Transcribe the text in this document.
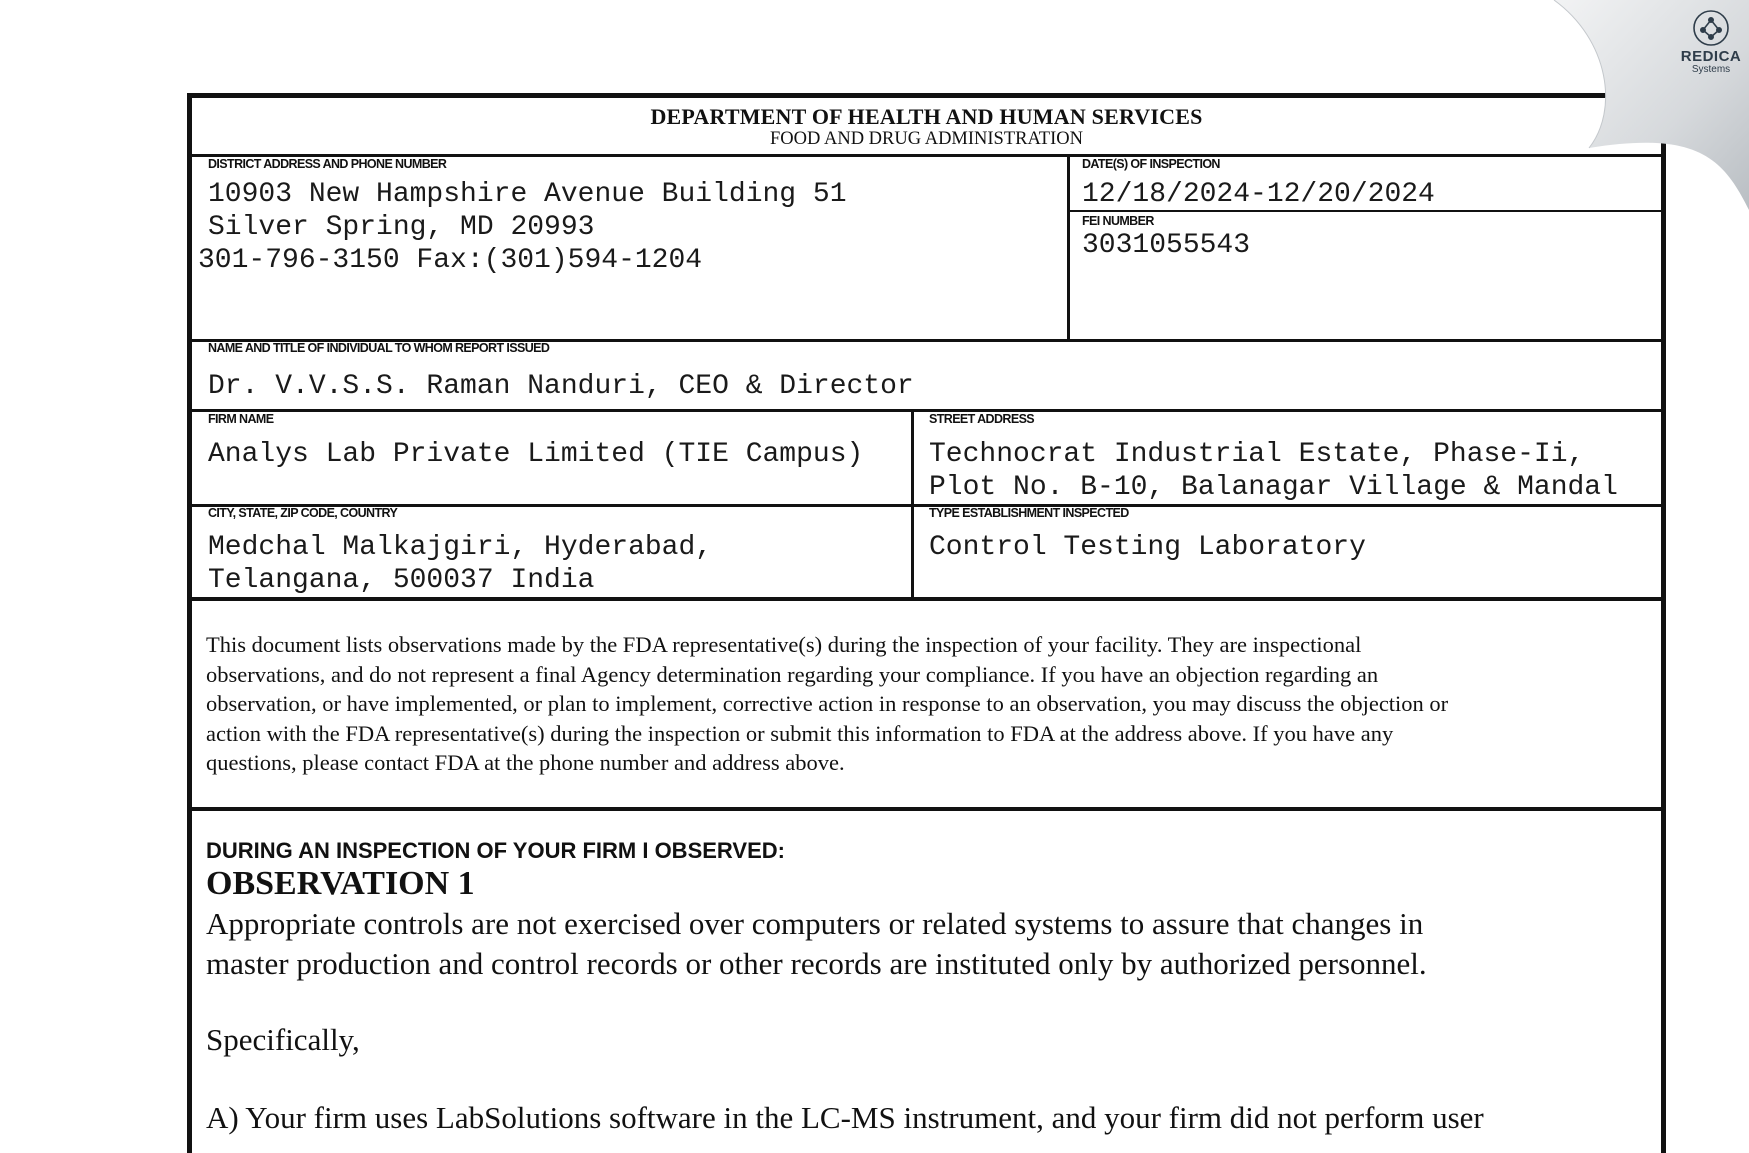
DEPARTMENT OF HEALTH AND HUMAN SERVICES
FOOD AND DRUG ADMINISTRATION
DISTRICT ADDRESS AND PHONE NUMBER
10903 New Hampshire Avenue Building 51
Silver Spring, MD 20993
301-796-3150 Fax:(301)594-1204
DATE(S) OF INSPECTION
12/18/2024-12/20/2024
FEI NUMBER
3031055543
NAME AND TITLE OF INDIVIDUAL TO WHOM REPORT ISSUED
Dr. V.V.S.S. Raman Nanduri, CEO & Director
FIRM NAME
Analys Lab Private Limited (TIE Campus)
STREET ADDRESS
Technocrat Industrial Estate, Phase-Ii,
Plot No. B-10, Balanagar Village & Mandal
CITY, STATE, ZIP CODE, COUNTRY
Medchal Malkajgiri, Hyderabad,
Telangana, 500037 India
TYPE ESTABLISHMENT INSPECTED
Control Testing Laboratory
This document lists observations made by the FDA representative(s) during the inspection of your facility. They are inspectional
observations, and do not represent a final Agency determination regarding your compliance. If you have an objection regarding an
observation, or have implemented, or plan to implement, corrective action in response to an observation, you may discuss the objection or
action with the FDA representative(s) during the inspection or submit this information to FDA at the address above. If you have any
questions, please contact FDA at the phone number and address above.
DURING AN INSPECTION OF YOUR FIRM I OBSERVED:
OBSERVATION 1
Appropriate controls are not exercised over computers or related systems to assure that changes in
master production and control records or other records are instituted only by authorized personnel.
Specifically,
A) Your firm uses LabSolutions software in the LC-MS instrument, and your firm did not perform user
REDICA
Systems
